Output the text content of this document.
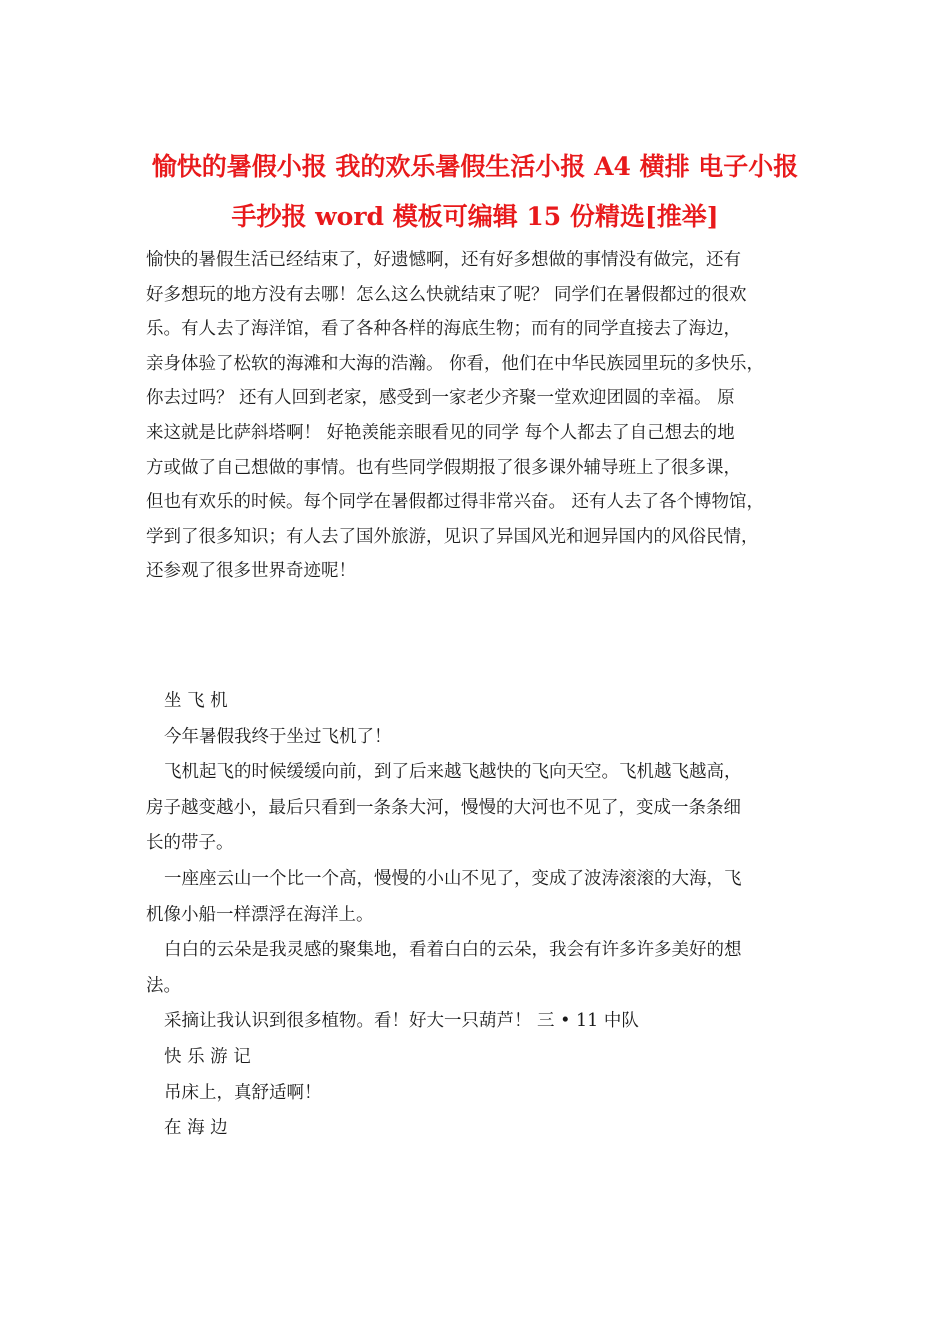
愉快的暑假小报 我的欢乐暑假生活小报 A4 横排 电子小报
手抄报 word 模板可编辑 15 份精选[推举]
愉快的暑假生活已经结束了，好遗憾啊，还有好多想做的事情没有做完，还有
好多想玩的地方没有去哪！怎么这么快就结束了呢？ 同学们在暑假都过的很欢
乐。有人去了海洋馆，看了各种各样的海底生物；而有的同学直接去了海边，
亲身体验了松软的海滩和大海的浩瀚。 你看，他们在中华民族园里玩的多快乐，
你去过吗？ 还有人回到老家，感受到一家老少齐聚一堂欢迎团圆的幸福。 原
来这就是比萨斜塔啊！ 好艳羡能亲眼看见的同学 每个人都去了自己想去的地
方或做了自己想做的事情。也有些同学假期报了很多课外辅导班上了很多课，
但也有欢乐的时候。每个同学在暑假都过得非常兴奋。 还有人去了各个博物馆，
学到了很多知识；有人去了国外旅游，见识了异国风光和迥异国内的风俗民情，
还参观了很多世界奇迹呢！
坐 飞 机
今年暑假我终于坐过飞机了！
飞机起飞的时候缓缓向前，到了后来越飞越快的飞向天空。飞机越飞越高，
房子越变越小，最后只看到一条条大河，慢慢的大河也不见了，变成一条条细
长的带子。
一座座云山一个比一个高，慢慢的小山不见了，变成了波涛滚滚的大海，飞
机像小船一样漂浮在海洋上。
白白的云朵是我灵感的聚集地，看着白白的云朵，我会有许多许多美好的想
法。
采摘让我认识到很多植物。看！好大一只葫芦！ 三 • 11 中队
快 乐 游 记
吊床上，真舒适啊！
在 海 边
